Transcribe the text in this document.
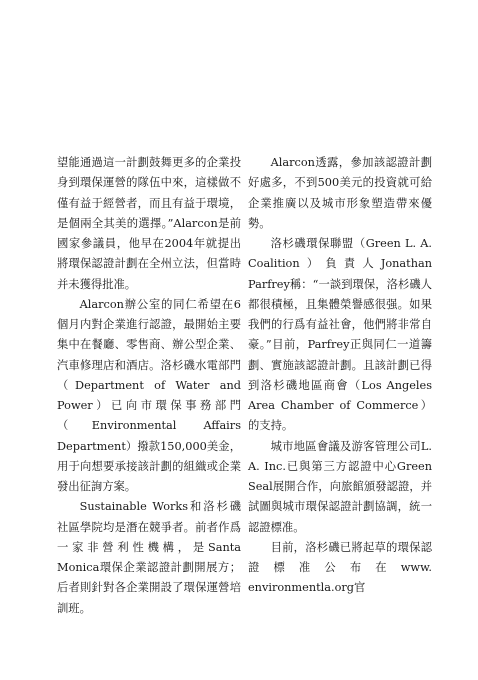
望能通過這一計劃鼓舞更多的企業投身到環保運營的隊伍中來，這樣做不僅有益于經營者，而且有益于環境，是個兩全其美的選擇。”Alarcon是前國家參議員，他早在2004年就提出將環保認證計劃在全州立法，但當時并未獲得批准。

Alarcon辦公室的同仁希望在6個月内對企業進行認證，最開始主要集中在餐廳、零售商、辦公型企業、汽車修理店和酒店。洛杉磯水電部門（Department of Water and Power）已向市環保事務部門（Environmental Affairs Department）撥款150,000美金，用于向想要承接該計劃的組織或企業發出征詢方案。

Sustainable Works和洛杉磯社區學院均是潛在競爭者。前者作爲一家非營利性機構，是Santa Monica環保企業認證計劃開展方；后者則針對各企業開設了環保運營培訓班。

Alarcon透露，參加該認證計劃好處多，不到500美元的投資就可給企業推廣以及城市形象塑造帶來優勢。

洛杉磯環保聯盟（Green L. A. Coalition）負責人Jonathan Parfrey稱：“一談到環保，洛杉磯人都很積極，且集體榮譽感很强。如果我們的行爲有益社會，他們將非常自豪。”目前，Parfrey正與同仁一道籌劃、實施該認證計劃。且該計劃已得到洛杉磯地區商會（Los Angeles Area Chamber of Commerce）的支持。

城市地區會議及游客管理公司L. A. Inc.已與第三方認證中心Green Seal展開合作，向旅館頒發認證，并試圖與城市環保認證計劃協調，統一認證標准。

目前，洛杉磯已將起草的環保認證標准公布在www. environmentla.org官
